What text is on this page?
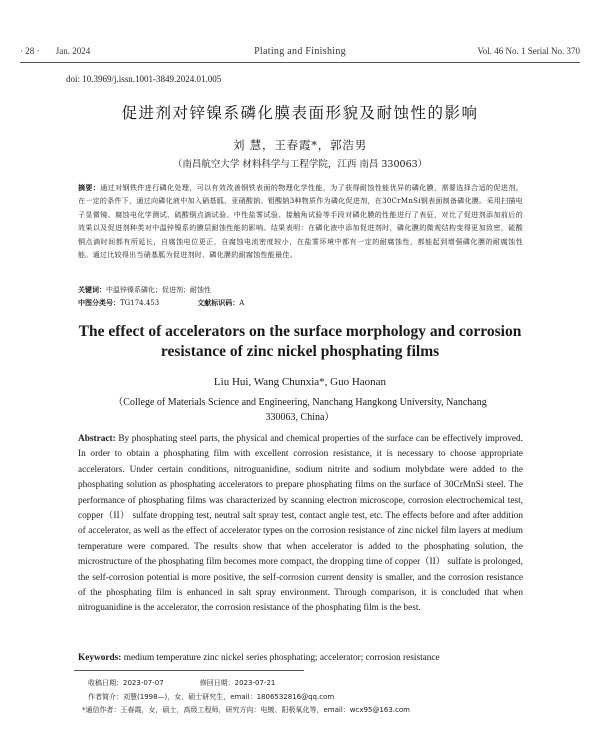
· 28 · Jan. 2024	Plating and Finishing	Vol. 46 No. 1 Serial No. 370
doi: 10.3969/j.issn.1001-3849.2024.01.005
促进剂对锌镍系磷化膜表面形貌及耐蚀性的影响
刘 慧，王春霞*，郭浩男
（南昌航空大学 材料科学与工程学院，江西 南昌 330063）
摘要：通过对钢铁件进行磷化处理，可以有效改善钢铁表面的物理化学性能，为了获得耐蚀性能优异的磷化膜，需要选择合适的促进剂。在一定的条件下，通过向磷化液中加入硝基胍、亚硝酸钠、钼酸钠3种物质作为磷化促进剂，在30CrMnSi钢表面制备磷化膜。采用扫描电子显微镜、腐蚀电化学测试、硫酸铜点滴试验、中性盐雾试验、接触角试验等手段对磷化膜的性能进行了表征，对比了促进剂添加前后的效果以及促进剂种类对中温锌镍系的膜层耐蚀性能的影响。结果表明：在磷化液中添加促进剂时，磷化膜的微观结构变得更加致密，硫酸铜点滴时间都有所延长，自腐蚀电位更正，自腐蚀电流密度较小，在盐雾环境中都有一定的耐腐蚀性，都能起到增强磷化膜的耐腐蚀性能。通过比较得出当硝基胍为促进剂时，磷化膜的耐腐蚀性能最佳。
关键词：中温锌镍系磷化；促进剂；耐蚀性
中图分类号：TG174.453	文献标识码：A
The effect of accelerators on the surface morphology and corrosion resistance of zinc nickel phosphating films
Liu Hui, Wang Chunxia*, Guo Haonan
（College of Materials Science and Engineering, Nanchang Hangkong University, Nanchang 330063, China）
Abstract: By phosphating steel parts, the physical and chemical properties of the surface can be effectively improved. In order to obtain a phosphating film with excellent corrosion resistance, it is necessary to choose appropriate accelerators. Under certain conditions, nitroguanidine, sodium nitrite and sodium molybdate were added to the phosphating solution as phosphating accelerators to prepare phosphating films on the surface of 30CrMnSi steel. The performance of phosphating films was characterized by scanning electron microscope, corrosion electrochemical test, copper（II） sulfate dropping test, neutral salt spray test, contact angle test, etc. The effects before and after addition of accelerator, as well as the effect of accelerator types on the corrosion resistance of zinc nickel film layers at medium temperature were compared. The results show that when accelerator is added to the phosphating solution, the microstructure of the phosphating film becomes more compact, the dropping time of copper（II） sulfate is prolonged, the self-corrosion potential is more positive, the self-corrosion current density is smaller, and the corrosion resistance of the phosphating film is enhanced in salt spray environment. Through comparison, it is concluded that when nitroguanidine is the accelerator, the corrosion resistance of the phosphating film is the best.
Keywords: medium temperature zinc nickel series phosphating; accelerator; corrosion resistance
收稿日期：2023-07-07	修回日期：2023-07-21
作者简介：刘慧(1998—)，女，硕士研究生，email：1806532816@qq.com
*通信作者：王春霞，女，硕士，高级工程师，研究方向：电镀、阳极氧化等，email：wcx95@163.com
